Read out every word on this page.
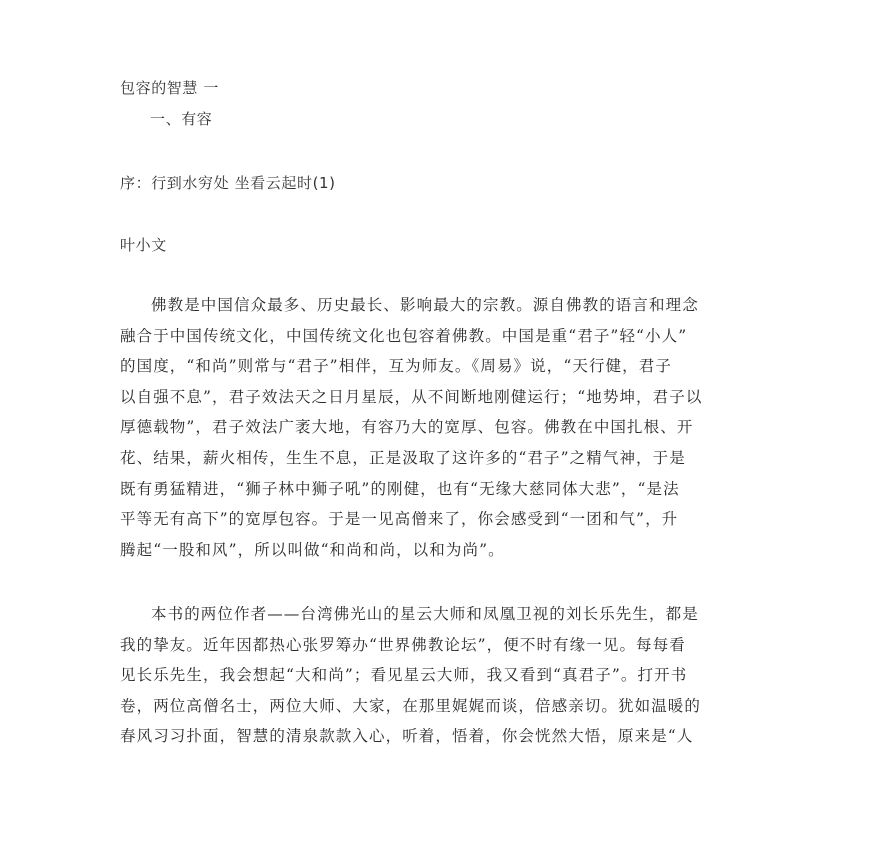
包容的智慧 一
一、有容
序：行到水穷处 坐看云起时(1)
叶小文
佛教是中国信众最多、历史最长、影响最大的宗教。源自佛教的语言和理念
融合于中国传统文化，中国传统文化也包容着佛教。中国是重“君子”轻“小人”
的国度，“和尚”则常与“君子”相伴，互为师友。《周易》说，“天行健，君子
以自强不息”，君子效法天之日月星辰，从不间断地刚健运行；“地势坤，君子以
厚德载物”，君子效法广袤大地，有容乃大的宽厚、包容。佛教在中国扎根、开
花、结果，薪火相传，生生不息，正是汲取了这许多的“君子”之精气神，于是
既有勇猛精进，“狮子林中狮子吼”的刚健，也有“无缘大慈同体大悲”，“是法
平等无有高下”的宽厚包容。于是一见高僧来了，你会感受到“一团和气”，升
腾起“一股和风”，所以叫做“和尚和尚，以和为尚”。
本书的两位作者——台湾佛光山的星云大师和凤凰卫视的刘长乐先生，都是
我的挚友。近年因都热心张罗筹办“世界佛教论坛”，便不时有缘一见。每每看
见长乐先生，我会想起“大和尚”；看见星云大师，我又看到“真君子”。打开书
卷，两位高僧名士，两位大师、大家，在那里娓娓而谈，倍感亲切。犹如温暖的
春风习习扑面，智慧的清泉款款入心，听着，悟着，你会恍然大悟，原来是“人
